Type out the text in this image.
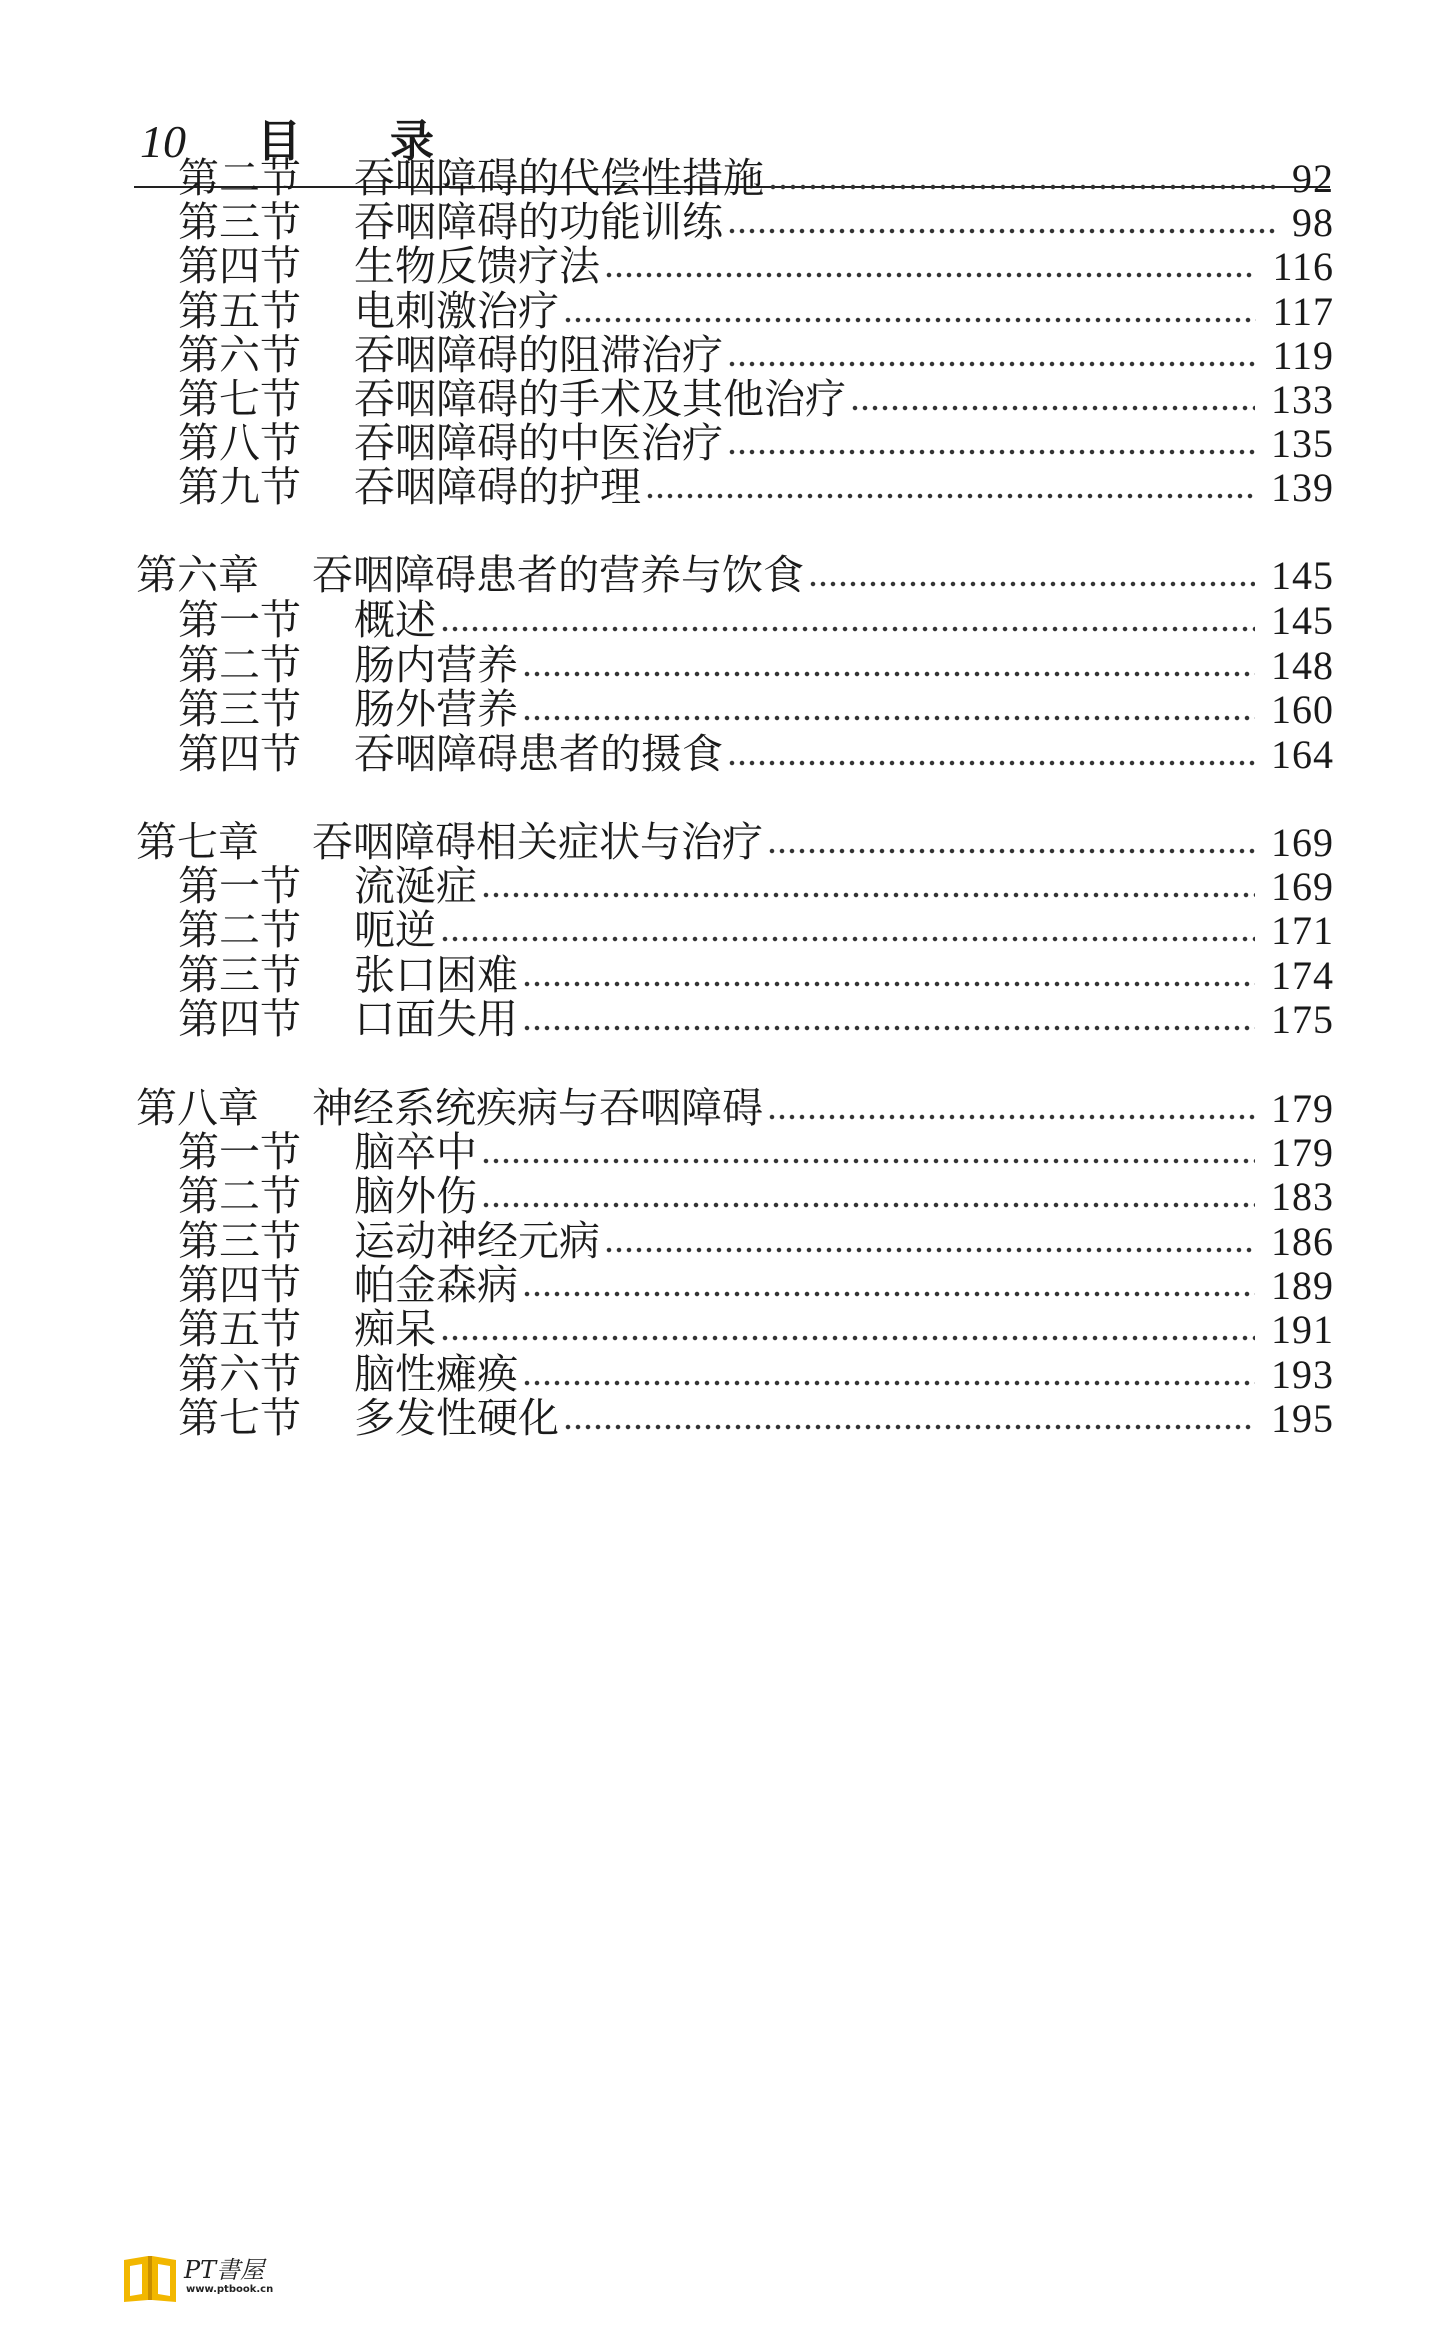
10 目 录
第二节	吞咽障碍的代偿性措施	92
第三节	吞咽障碍的功能训练	98
第四节	生物反馈疗法	116
第五节	电刺激治疗	117
第六节	吞咽障碍的阻滞治疗	119
第七节	吞咽障碍的手术及其他治疗	133
第八节	吞咽障碍的中医治疗	135
第九节	吞咽障碍的护理	139
第六章	吞咽障碍患者的营养与饮食	145
第一节	概述	145
第二节	肠内营养	148
第三节	肠外营养	160
第四节	吞咽障碍患者的摄食	164
第七章	吞咽障碍相关症状与治疗	169
第一节	流涎症	169
第二节	呃逆	171
第三节	张口困难	174
第四节	口面失用	175
第八章	神经系统疾病与吞咽障碍	179
第一节	脑卒中	179
第二节	脑外伤	183
第三节	运动神经元病	186
第四节	帕金森病	189
第五节	痴呆	191
第六节	脑性瘫痪	193
第七节	多发性硬化	195
PT書屋
www.ptbook.cn
